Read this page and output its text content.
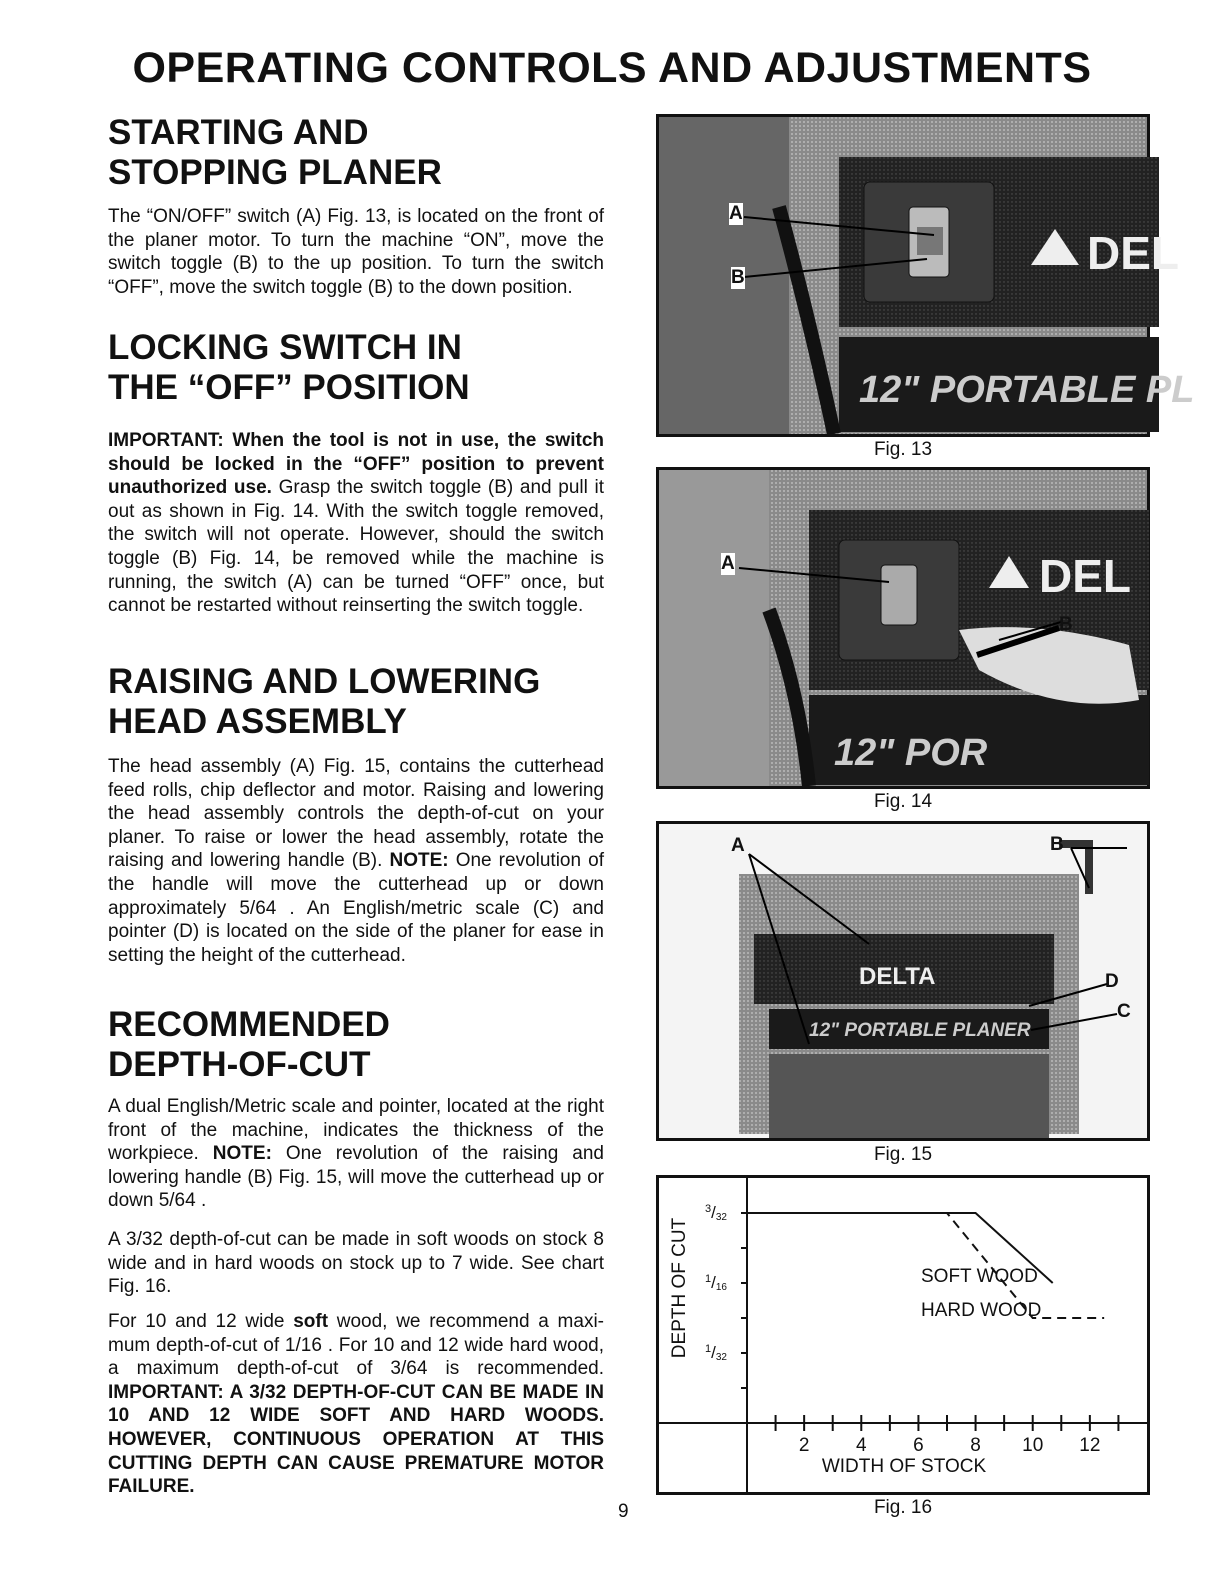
OPERATING CONTROLS AND ADJUSTMENTS
STARTING AND
STOPPING PLANER

The “ON/OFF” switch (A) Fig. 13, is located on the front of the planer motor. To turn the machine “ON”, move the switch toggle (B) to the up position. To turn the switch “OFF”, move the switch toggle (B) to the down position.

LOCKING SWITCH IN
THE “OFF” POSITION

IMPORTANT: When the tool is not in use, the switch should be locked in the “OFF” position to prevent unauthorized use. Grasp the switch toggle (B) and pull it out as shown in Fig. 14. With the switch toggle removed, the switch will not operate. However, should the switch toggle (B) Fig. 14, be removed while the machine is running, the switch (A) can be turned “OFF” once, but cannot be restarted without reinserting the switch toggle.

RAISING AND LOWERING
HEAD ASSEMBLY

The head assembly (A) Fig. 15, contains the cutterhead feed rolls, chip deflector and motor. Raising and lowering the head assembly controls the depth-of-cut on your planer. To raise or lower the head assembly, rotate the raising and lowering handle (B). NOTE: One revolution of the handle will move the cutterhead up or down approximately 5/64 . An English/metric scale (C) and pointer (D) is located on the side of the planer for ease in setting the height of the cutterhead.

RECOMMENDED
DEPTH-OF-CUT

A dual English/Metric scale and pointer, located at the right front of the machine, indicates the thickness of the workpiece. NOTE: One revolution of the raising and lowering handle (B) Fig. 15, will move the cutterhead up or down 5/64 .

A 3/32 depth-of-cut can be made in soft woods on stock 8 wide and in hard woods on stock up to 7 wide. See chart Fig. 16.

For 10 and 12 wide soft wood, we recommend a maxi-mum depth-of-cut of 1/16 . For 10 and 12 wide hard wood, a maximum depth-of-cut of 3/64 is recommended. IMPORTANT: A 3/32 DEPTH-OF-CUT CAN BE MADE IN 10 AND 12 WIDE SOFT AND HARD WOODS. HOWEVER, CONTINUOUS OPERATION AT THIS CUTTING DEPTH CAN CAUSE PREMATURE MOTOR FAILURE.

DEL
12" PORTABLE PL
A
B
Fig. 13
DEL
12" POR
A
B
Fig. 14
DELTA
12" PORTABLE PLANER
A	B
D
C
Fig. 15
DEPTH OF CUT
WIDTH OF STOCK
$^3$/32
$^1$/16
$^1$/32
2 4 6 8 10 12
SOFT WOOD
HARD WOOD
Fig. 16
9
